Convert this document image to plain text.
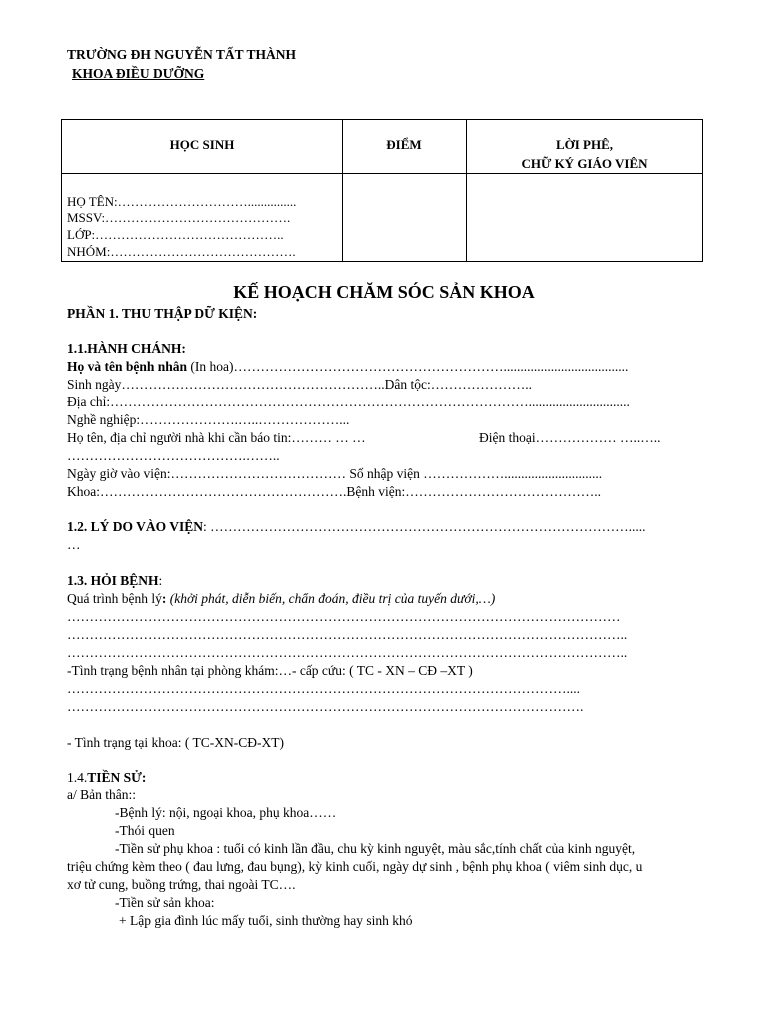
TRƯỜNG ĐH NGUYỄN TẤT THÀNH
KHOA ĐIỀU DƯỠNG
HỌC SINH	ĐIỂM	LỜI PHÊ,
CHỮ KÝ GIÁO VIÊN
HỌ TÊN:…………………………...............
MSSV:…………………………………….
LỚP:……………………………………..
NHÓM:…………………………………….
KẾ HOẠCH CHĂM SÓC SẢN KHOA
PHẦN 1. THU THẬP DỮ KIỆN:
1.1.HÀNH CHÁNH:
Họ và tên bệnh nhân (In hoa)…………………………………………………….....................................
Sinh ngày…………………………………………………..Dân tộc:…………………..
Địa chỉ:…………………………………………………………………………………..............................
Nghề nghiệp:………………….…..………………...
Họ tên, địa chỉ người nhà khi cần báo tin:……… … …	Điện thoại……………… …..…..
………………………………….……..
Ngày giờ vào viện:………………………………… Số nhập viện ……………….............................
Khoa:……………………………………………….Bệnh viện:……………………………………..
1.2. LÝ DO VÀO VIỆN: ………………………………………………………………………………….....
…
1.3. HỎI BỆNH:
Quá trình bệnh lý: (khởi phát, diễn biến, chẩn đoán, điều trị của tuyến dưới,…)
……………………………………………………………………………………………………………
……………………………………………………………………………………………………………..
……………………………………………………………………………………………………………..
-Tình trạng bệnh nhân tại phòng khám:…- cấp cứu: ( TC - XN – CĐ –XT )
…………………………………………………………………………………………………....
…………………………………………………………………………………………………….
- Tình trạng tại khoa: ( TC-XN-CĐ-XT)
1.4.TIỀN SỬ:
a/ Bản thân::
-Bệnh lý: nội, ngoại khoa, phụ khoa……
-Thói quen
-Tiền sử phụ khoa : tuổi có kinh lần đầu, chu kỳ kinh nguyệt, màu sắc,tính chất của kinh nguyệt,
triệu chứng kèm theo ( đau lưng, đau bụng), kỳ kinh cuối, ngày dự sinh , bệnh phụ khoa ( viêm sinh dục, u
xơ tử cung, buồng trứng, thai ngoài TC….
-Tiền sử sản khoa:
+ Lập gia đình lúc mấy tuổi, sinh thường hay sinh khó
